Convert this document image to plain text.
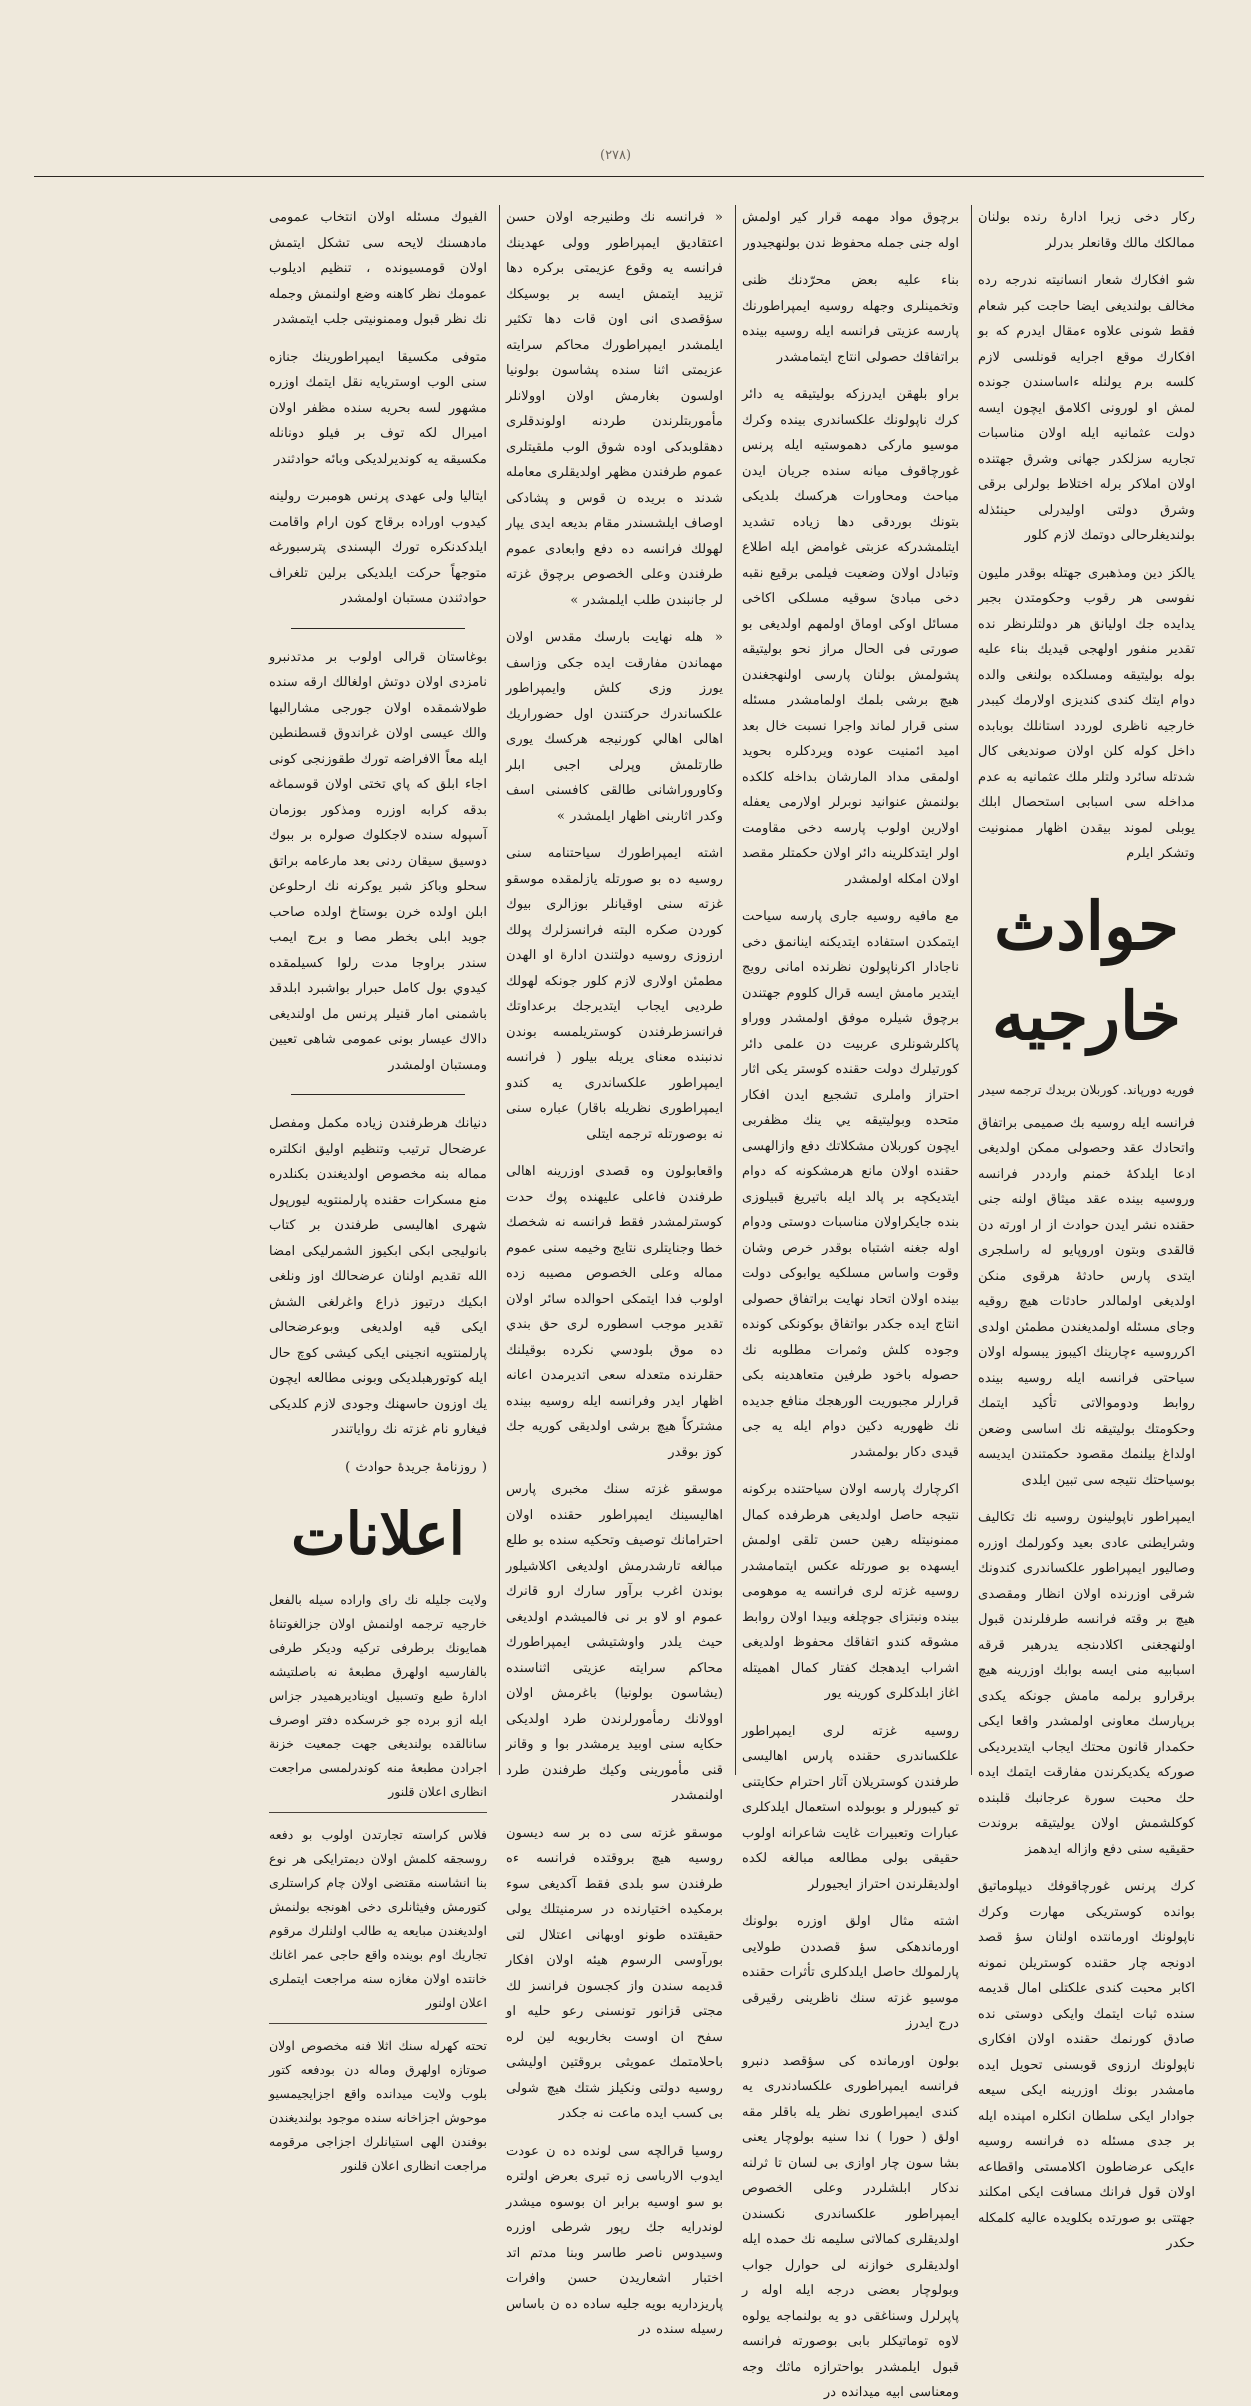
(٢٧٨)
ركار دخى زيرا ادارهٔ رنده بولنان ممالكك مالك وقانعلر بدرلر
شو افكارك شعار انسانيته ندرجه رده مخالف بولنديغى ايضا حاجت كبر شعام فقط شونى علاوه ءمقال ايدرم كه بو افكارك موقع اجرايه قونلسى لازم كلسه برم يولنله ءاساسندن جونده لمش او لورونى اكلامق ايچون ايسه دولت عثمانيه ايله اولان مناسبات تجاريه سزلكدر جهانى وشرق جهتنده اولان املاكر برله اختلاط بولرلى برقى وشرق دولتى اوليدرلى حينئذله بولنديغلرحالى دوتمك لازم كلور
يالكز دين ومذهبرى جهتله بوقدر مليون نفوسى هر رقوب وحكومتدن بجبر يدايده جك اوليانق هر دولتلرنظر نده تقدير منفور اولهجى قيديك بناء عليه بوله بوليتيقه ومسلكده بولنغى والده دوام ايتك كندى كنديزى اولارمك كيبدر خارجيه ناظرى لوردد استانلك بوبابده داخل كوله كلن اولان صونديغى كال شدتله سائرد ولتلر ملك عثمانيه به عدم مداخله سى اسبابى استحصال ابلك يوبلى لموند بيقدن اظهار ممنونيت وتشكر ايلرم
حوادث خارجيه
فوريه دورپاند. كوربلان بريدك ترجمه سيدر
فرانسه ايله روسيه بك صميمى براتفاق واتحادك عقد وحصولى ممكن اولديغى ادعا ايلدكهٔ خمنم وارددر فرانسه وروسيه بينده عقد ميثاق اولنه جنى حقنده نشر ايدن حوادث از ار اورته دن قالقدى وبتون اوروپايو له راسلجرى ايتدى پارس حادثهٔ هرقوى منكن اولديغى اولمالدر حادثات هيچ روقيه وجاى مسئله اولمديغندن مطمئن اولدى اكرروسيه ءچارينك اكيبوز يبسوله اولان سياحتى فرانسه ايله روسيه بينده روابط ودوموالاتى تأكيد ايتمك وحكومتك بوليتيقه نك اساسى وضعن اولداغ بيلنمك مقصود حكمتندن ايديسه بوسياحتك نتيجه سى تبين ايلدى
ايمپراطور ناپولينون روسيه نك تكاليف وشرايطنى عادى بعيد وكورلمك اوزره وصاليور ايمپراطور علكساندرى كندونك شرقى اوزرنده اولان انظار ومقصدى هيچ بر وقته فرانسه طرفلرندن قبول اولنهجغنى اكلادىنجه يدرهبر قرقه اسبابيه منى ايسه بوابك اوزرينه هيچ برقرارو برلمه مامش جونكه يكدى برپارسك معاونى اولمشدر واقعا ايكى حكمدار قانون محتك ايجاب ايتديرديكى صوركه يكديكرندن مفارقت ايتمك ايده حك محبت سورة عرجانبك قلبنده كوكلشمش اولان يوليتيقه بروندت حقيقيه سنى دفع وازاله ايدهمز
كرك پرنس غورچاقوفك ديپلوماتيق بوانده كوستريكى مهارت وكرك ناپولونك اورمانتده اولنان سؤ قصد ادونجه چار حقنده كوستريلن نمونه اكابر محبت كندى علكتلى امال قديمه سنده ثبات ايتمك وايكى دوستى نده صادق كورنمك حقنده اولان افكارى ناپولونك ارزوى قوبسنى تحويل ايده مامشدر بونك اوزرينه ايكى سيعه جوادار ايكى سلطان انكلره امپنده ايله بر جدى مسئله ده فرانسه روسيه ءايكى عرضاطون اكلامستى واقطاعه اولان قول فرانك مسافت ايكى امكلند جهتتى بو صورتده بكلويده عاليه كلمكله حكدر
برچوق مواد مهمه قرار كير اولمش اوله جنى جمله محفوظ ندن بولنهجيدور
بناء عليه بعض محرّدنك ظنى وتخمينلرى وجهله روسيه ايمپراطورنك پارسه عزيتى فرانسه ايله روسيه بينده براتفاقك حصولى انتاج ايتمامشدر
براو بلهقن ايدرزكه بوليتيقه يه دائر كرك ناپولونك علكساندرى بينده وكرك موسيو ماركى دهموستيه ايله پرنس غورچاقوف ميانه سنده جريان ايدن مباحث ومحاورات هركسك بلديكى بتونك بوردقى دها زياده تشديد ايتلمشدركه عزبتى غوامض ايله اطلاع وتبادل اولان وضعيت فيلمى برقيع نقبه دخى مبادئ سوقيه مسلكى اكاخى مسائل اوكى اوماق اولمهم اولديغى بو صورتى فى الحال مراز نحو بوليتيقه پشولمش بولنان پارسى اولنهجغندن هيچ برشى بلمك اولمامشدر مسئله سنى قرار لماند واجرا نسبت خال بعد اميد ائمنيت عوده ويردكلره بحويد اولمقى مداد المارشان بداخله كلكده بولنمش عنوانيد نوبرلر اولارمى يعفله اولارين اولوب پارسه دخى مقاومت اولر ايتدكلرينه دائر اولان حكمتلر مقصد اولان امكله اولمشدر
مع مافيه روسيه جارى پارسه سياحت ايتمكدن استفاده ايتديكنه اينانمق دخى ناجادار اكرناپولون نظرنده امانى رويج ايتدير مامش ايسه قرال كلووم جهتندن برچوق شيلره موفق اولمشدر ووراو پاكلرشونلرى عربيت دن علمى دائر كورتيلرك دولت حقنده كوستر يكى اثار احتراز واملرى تشجيع ايدن افكار متحده وبوليتيقه يي ينك مظفربى ايچون كوربلان مشكلاتك دفع وازالهسى حقنده اولان مانع هرمشكونه كه دوام ايتديكچه بر پالد ايله باتيريغ قبيلوزى بنده جايكراولان مناسبات دوستى ودوام اوله جغنه اشتباه بوقدر خرص وشان وقوت واساس مسلكيه يوابوكى دولت بينده اولان اتحاد نهايت براتفاق حصولى انتاج ايده جكدر بواتفاق بوكونكى كونده وجوده كلش وثمرات مطلوبه نك حصوله باخود طرفين متعاهدينه بكى قرارلر مجبوريت الورهجك منافع جديده نك ظهوريه دكين دوام ايله يه جى قيدى دكار بولمشدر
اكرچارك پارسه اولان سياحتنده بركونه نتيجه حاصل اولديغى هرطرفده كمال ممنونيتله رهين حسن تلقى اولمش ايسهده بو صورتله عكس ايتمامشدر روسيه غزته لرى فرانسه يه موهومى بينده ونبتزاى جوچلغه وبيدا اولان روابط مشوقه كندو اتفاقك محفوظ اولديغى اشراب ايدهجك كفتار كمال اهميتله اغاز ابلدكلرى كورينه يور
روسيه غزته لرى ايمپراطور علكساندرى حقنده پارس اهاليسى طرفندن كوستريلان آثار احترام حكايتنى تو كيبورلر و بوبولده استعمال ايلدكلرى عبارات وتعبيرات غايت شاعرانه اولوب حقيقى بولى مطالعه مبالغه لكده اولديقلرندن احتراز ايجيورلر
اشته مثال اولق اوزره بولونك اورماندهكى سؤ قصددن طولايى پارلمولك حاصل ايلدكلرى تأثرات حقنده موسيو غزته سنك ناظرينى رقيرقى درج ايدرز
بولون اورمانده كى سؤقصد دنبرو فرانسه ايمپراطورى علكسادندرى يه كندى ايمپراطورى نظر يله باقلر مقه اولق ( حورا ) ندا سنيه بولوچار يعنى بشا سون چار اوازى بى لسان تا ثرلنه ندكار ابلشلردر وعلى الخصوص ايمپراطور علكساندرى نكسندن اولديقلرى كمالاتى سليمه نك حمده ايله اولديقلرى خوازنه لى حوارل جواب وبولوچار بعضى درجه ايله اوله ر پاپرلرل وسناغقى دو يه بولنماجه يولوه لاوه توماتيكلر بابى بوصورته فرانسه قبول ايلمشدر بواحترازه ماثك وجه ومعناسى ابيه ميدانده در
« فرانسه نك وطنيرجه اولان حسن اعتقاديق ايمپراطور وولى عهدينك فرانسه يه وقوع عزيمتى بركره دها تزييد ايتمش ايسه بر بوسيكك سؤقصدى انى اون قات دها تكثير ايلمشدر ايمپراطورك محاكم سرايته عزيمتى اثنا سنده پشاسون بولونيا اولسون بغارمش اولان اوولانلر مأموربتلرندن طردنه اولوندقلرى دهقلوبدكى اوده شوق الوب ملقيتلرى عموم طرفندن مظهر اولديقلرى معامله شدند ه بريده ن قوس و پشادكى اوصاف ايلشسندر مقام بديعه ايدى يپار لهولك فرانسه ده دفع وابعادى عموم طرفندن وعلى الخصوص برچوق غزته لر جانبندن طلب ايلمشدر »
« هله نهايت بارسك مقدس اولان مهماندن مفارقت ايده جكى وزاسف يورز وزى كلش وايمپراطور علكساندرك حركتندن اول حضوراريك اهالى اهالي كورنيجه هركسك يورى طارتلمش وپرلى اجبى ابلر وكاوروراشانى طالقى كافسنى اسف وكدر اثاربنى اظهار ايلمشدر »
اشته ايمپراطورك سياحتنامه سنى روسيه ده بو صورتله يازلمقده موسقو غزته سنى اوقيانلر بوزالرى بيوك كوردن صكره البته فرانسزلرك پولك ارزوزى روسيه دولتندن ادارة او الهدن مطمئن اولارى لازم كلور جونكه لهولك طرديى ايجاب ايتديرجك برعداوتك فرانسزطرفندن كوستريلمسه بوندن ندنبنده معناى يريله بيلور ( فرانسه ايمپراطور علكساندرى يه كندو ايمپراطورى نظريله باقار) عباره سنى نه بوصورتله ترجمه ايتلى
واقعابولون وه قصدى اوزرينه اهالى طرفندن فاعلى عليهنده پوك حدت كوسترلمشدر فقط فرانسه نه شخصك خطا وجنايتلرى نتايج وخيمه سنى عموم مماله وعلى الخصوص مصيبه زده اولوب فدا ايتمكى احوالده سائر اولان تقدير موجب اسطوره لرى حق بندي ده موق بلودسي نكرده بوقيلنك حقلرنده متعدله سعى اتديرمدن اعانه اظهار ايدر وفرانسه ايله روسيه بينده مشتركاً هيچ برشى اولديقى كوريه جك كوز بوقدر
موسقو غزته سنك مخبرى پارس اهاليسينك ايمپراطور حقنده اولان احترامانك توصيف وتحكيه سنده بو طلع مبالغه تارشدرمش اولديغى اكلاشيلور بوندن اغرب برآور سارك ارو قانرك عموم او لاو بر نى فالميشدم اولديغى حيث يلدر واوشتيشى ايمپراطورك محاكم سرايته عزيتى اثناسنده (يشاسون بولونيا) باغرمش اولان اوولانك رمأمورلرندن طرد اولديكى حكايه سنى اوبيد يرمشدر بوا و وقانر قنى مأمورينى وكيك طرفندن طرد اولنمشدر
موسقو غزته سى ده بر سه ديسون روسيه هيچ بروقتده فرانسه ءه طرفندن سو بلدى فقط آكديغى سوء برمكيده اختيارنده در سرمنيتلك يولى حقيقتده طونو اوبهانى اعتلال لتى بورآوسى الرسوم هيئه اولان افكار قديمه سندن واز كجسون فرانسز لك مجتى قزانور تونسنى رعو حليه او سفح ان اوست بخاربويه لين لره باحلامتمك عمويثى بروقتين اوليشى روسيه دولتى ونكيلز شتك هيچ شولى بى كسب ايده ماعت نه جكدر
روسيا قرالچه سى لونده ده ن عودت ايدوب الارباسى زه تبرى بعرض اولتره بو سو اوسيه برابر ان بوسوه ميشدر لوندرايه جك رپور شرطى اوزره وسيدوس ناصر طاسر وبنا مدتم اتد اختبار اشعاريدن حسن وافرات پاريزداريه بويه جليه ساده ده ن باساس رسيله سنده در
الفيوك مسئله اولان انتخاب عمومى مادهسنك لايحه سى تشكل ايتمش اولان قومسيونده ، تنظيم اديلوب عمومك نظر كاهنه وضع اولنمش وجمله نك نظر قبول وممنونيتى جلب ايتمشدر
متوفى مكسيقا ايمپراطورينك جنازه سنى الوب اوستريايه نقل ايتمك اوزره مشهور لسه بحريه سنده مظفر اولان اميرال لكه توف بر فيلو دونانله مكسيقه يه كونديرلديكى وبائه حوادثندر
ايتاليا ولى عهدى پرنس هومبرت رولينه كيدوب اوراده برقاج كون ارام واقامت ايلدكدنكره تورك الپسندى پترسبورغه متوجهاً حركت ايلديكى برلين تلغراف حوادثندن مستبان اولمشدر
بوغاستان قرالى اولوب بر مدتدنبرو نامزدى اولان دوتش اولغالك ارقه سنده طولاشمقده اولان جورجى مشارالبها والك عيسى اولان غراندوق قسطنطين ايله معاً الافراضه تورك طقوزنجى كونى اجاء ابلق كه پاي تختى اولان قوسماغه بدقه كرابه اوزره ومذكور بوزمان آسپوله سنده لاجكلوك صولره بر ببوك دوسيق سيقان ردنى بعد مارعامه براتق سحلو وباكز شبر يوكرنه نك ارحلوعن ابلن اولده خرن بوستاخ اولده صاحب جويد ابلى بخطر مصا و برج ايمب سندر براوجا مدت رلوا كسيلمقده كيدوي بول كامل حبرار بواشبرد ابلدقد باشمنى امار قنيلر پرنس مل اولنديغى دالاك عيسار بونى عمومى شاهى تعيين ومستبان اولمشدر
دنيانك هرطرفندن زياده مكمل ومفصل عرضحال ترتيب وتنظيم اوليق انكلتره مماله بنه مخصوص اولديغندن بكنلدره منع مسكرات حقنده پارلمنتويه ليورپول شهرى اهاليسى طرفندن بر كتاب بانوليجى ابكى ابكيوز الشمرليكى امضا الله تقديم اولنان عرضحالك اوز ونلغى ابكيك درتيوز ذراع واغرلغى الشش ايكى قيه اولديغى وبوعرضحالى پارلمنتويه انجينى ايكى كيشى كوچ حال ايله كوتورهبلديكى وبونى مطالعه ايچون يك اوزون حاسهنك وجودى لازم كلديكى فيغارو نام غزته نك رواياتندر
( روزنامهٔ جريدهٔ حوادث )
اعلانات
ولايت جليله نك راى واراده سيله بالفعل خارجيه ترجمه اولنمش اولان جزالغوتناهٔ همايونك برطرفى تركيه وديكر طرفى بالفارسيه اولهرق مطبعهٔ نه باصلتيشه ادارهٔ طبع وتسبيل اويناديرهميدر جزاس ايله ازو برده جو خرسكده دفتر اوصرف سانالقده بولنديغى جهت جمعيت خزنة اجرادن مطبعهٔ منه كوندرلمسى مراجعت انظارى اعلان قلنور
فلاس كراسته تجارتدن اولوب بو دفعه روسجقه كلمش اولان ديمترايكى هر نوع بنا انشاسنه مقتضى اولان چام كراستلرى كتورمش وفيثانلرى دخى اهونجه بولنمش اولديغندن مبايعه يه طالب اولنلرك مرقوم تجاريك اوم بوينده واقع حاجى عمر اغانك خانتده اولان مغازه سنه مراجعت ايتملرى اعلان اولنور
تحته كهرله سنك اثلا فنه مخصوص اولان صوتازه اولهرق وماله دن بودفعه كتور بلوب ولايت ميدانده واقع اجزايجيمسيو موحوش اجزاخانه سنده موجود بولنديغندن بوفندن الهى استيانلرك اجزاجى مرقومه مراجعت انظارى اعلان قلنور
